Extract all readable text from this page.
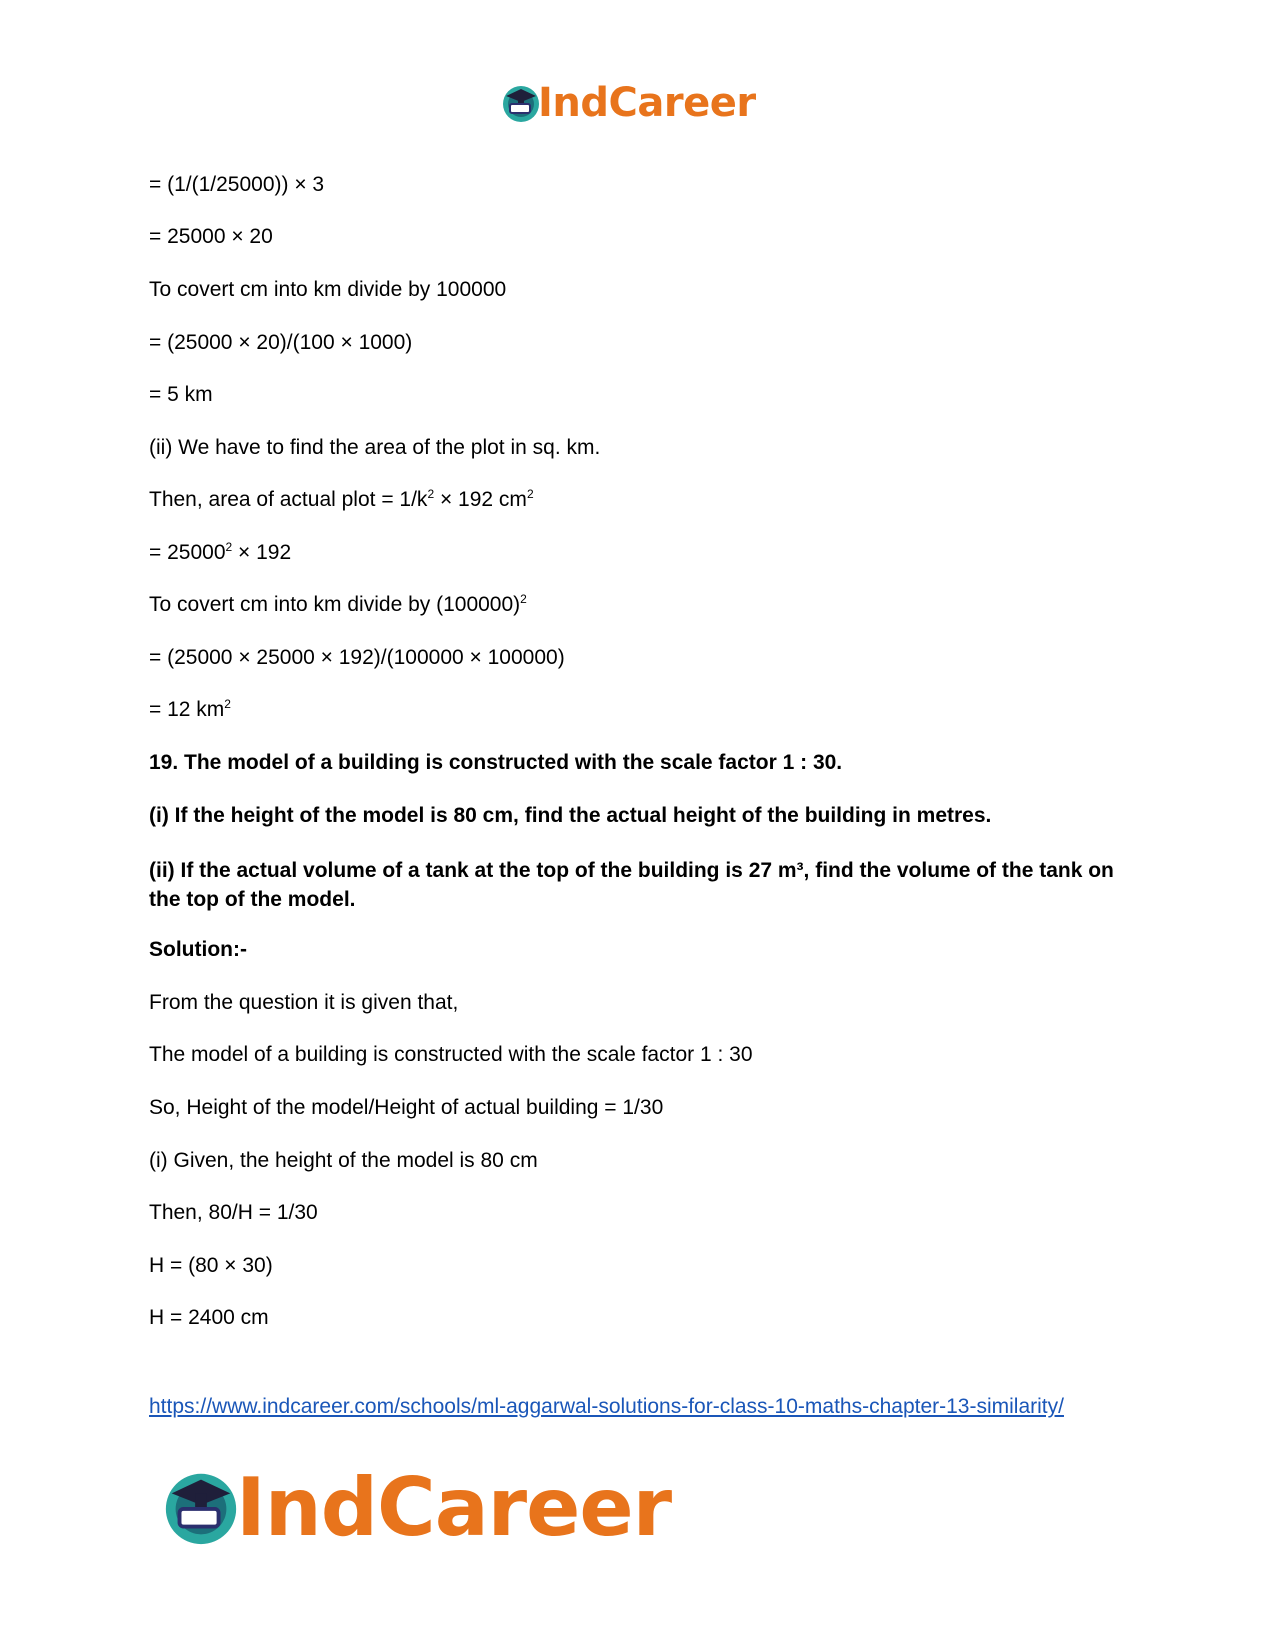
IndCareer

= (1/(1/25000)) × 3

= 25000 × 20

To covert cm into km divide by 100000

= (25000 × 20)/(100 × 1000)

= 5 km

(ii) We have to find the area of the plot in sq. km.

Then, area of actual plot = $1/k^2 \times 192$ $cm^2$

= $25000^2 \times 192$

To covert cm into km divide by $(100000)^2$

= (25000 × 25000 × 192)/(100000 × 100000)

= 12 $km^2$

19. The model of a building is constructed with the scale factor 1 : 30.

(i) If the height of the model is 80 cm, find the actual height of the building in metres.

(ii) If the actual volume of a tank at the top of the building is 27 m³, find the volume of the tank on the top of the model.

Solution:-

From the question it is given that,

The model of a building is constructed with the scale factor 1 : 30

So, Height of the model/Height of actual building = 1/30

(i) Given, the height of the model is 80 cm

Then, 80/H = 1/30

H = (80 × 30)

H = 2400 cm

https://www.indcareer.com/schools/ml-aggarwal-solutions-for-class-10-maths-chapter-13-similarity/
IndCareer
